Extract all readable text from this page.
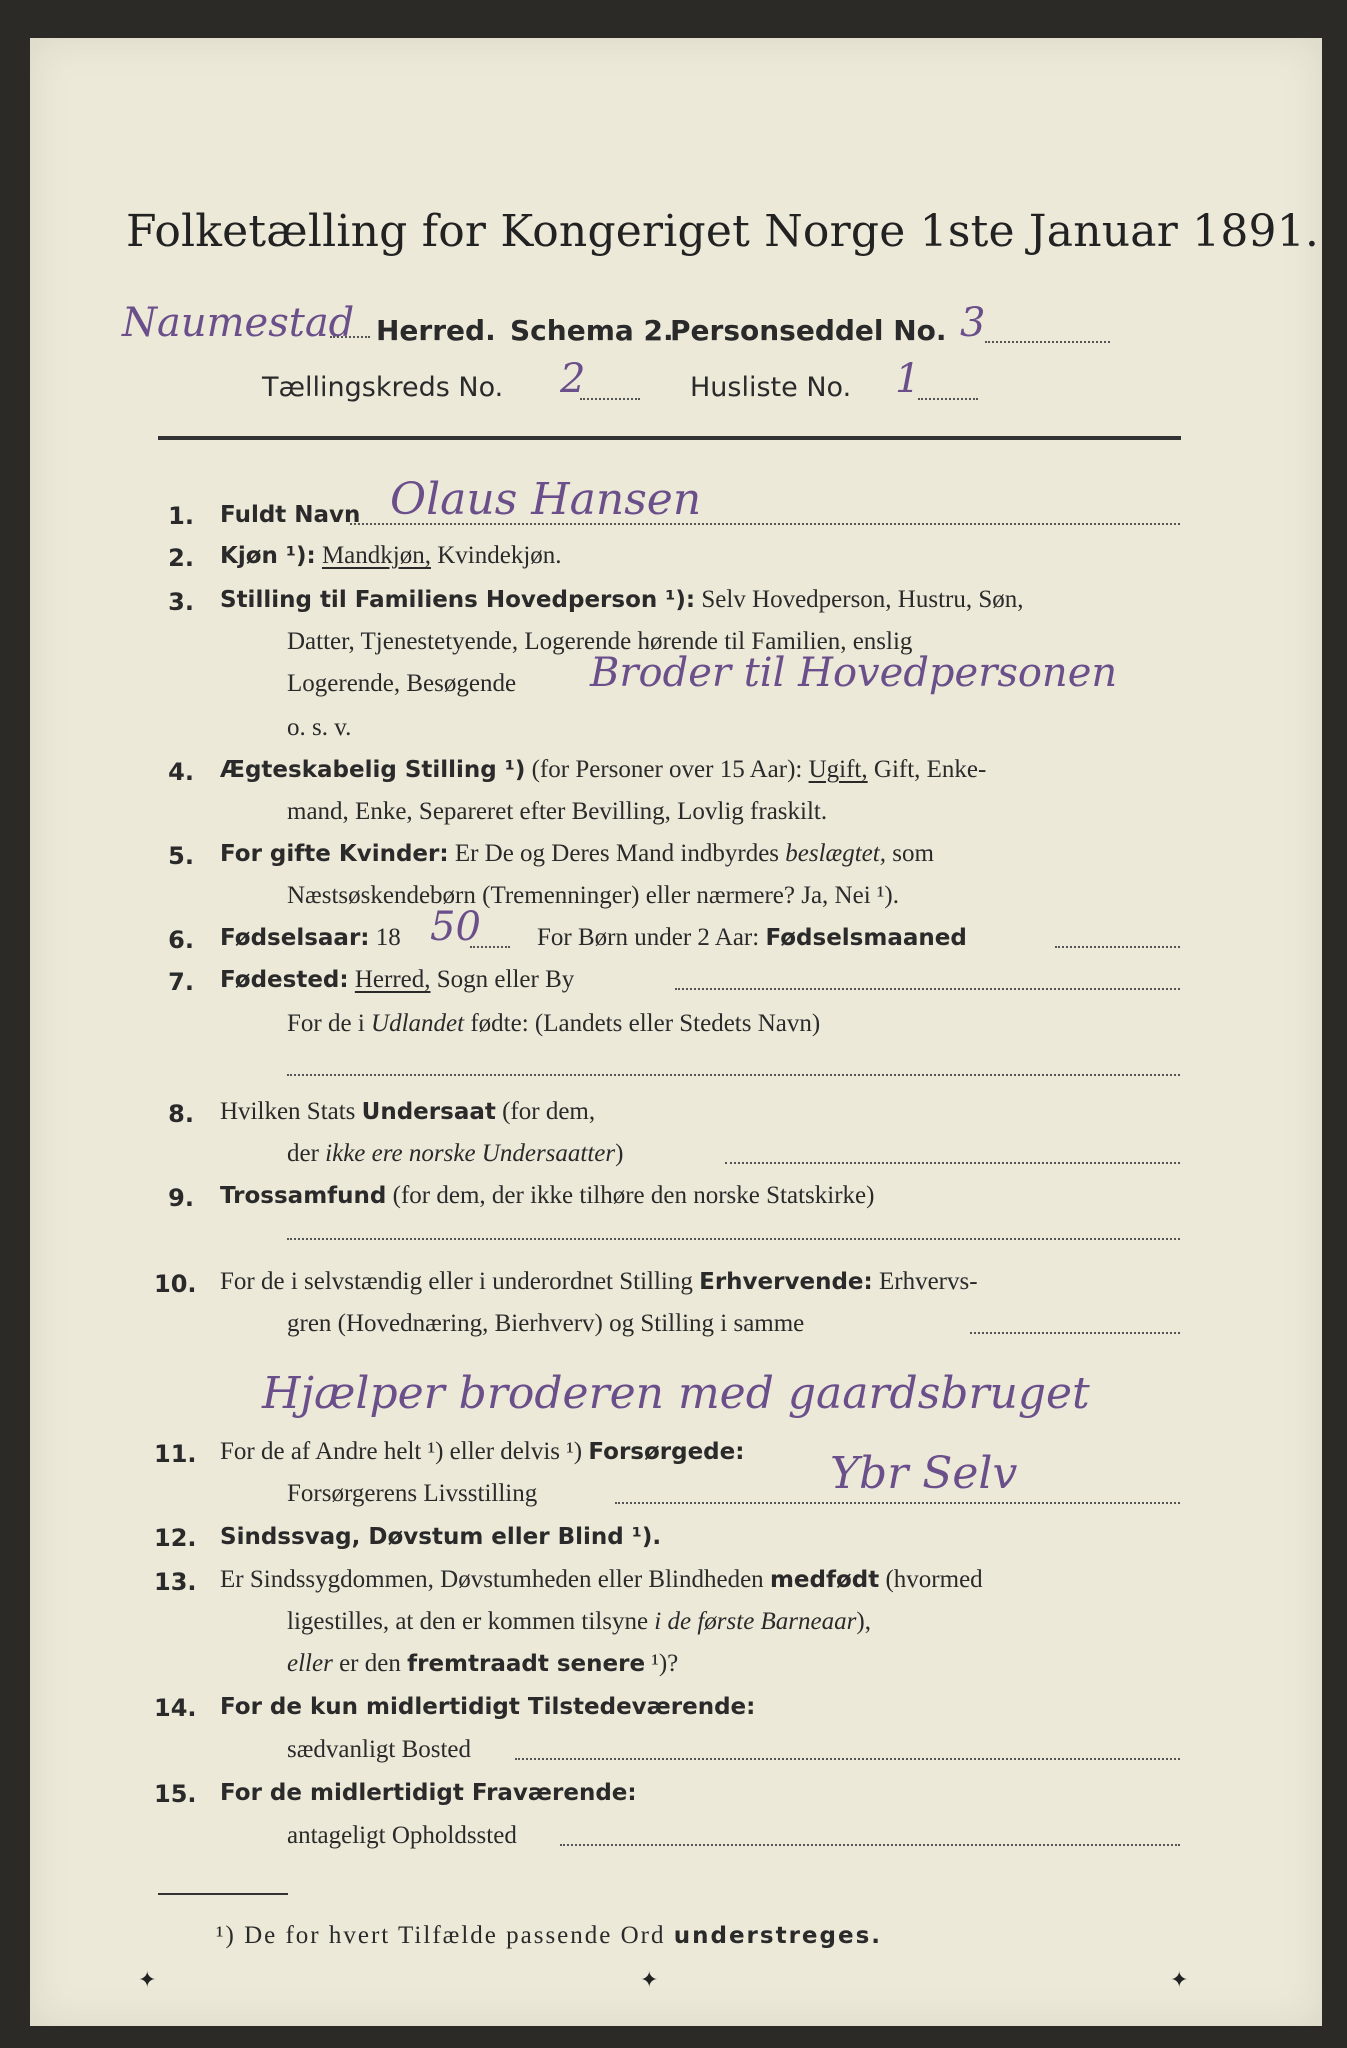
Folketælling for Kongeriget Norge 1ste Januar 1891.
Naumestad Herred. Schema 2.
Personseddel No. 3
Tællingskreds No. 2	Husliste No. 1
1. Fuldt Navn Olaus Hansen
2. Kjøn ¹): Mandkjøn, Kvindekjøn.
3. Stilling til Familiens Hovedperson ¹): Selv Hovedperson, Hustru, Søn,
Datter, Tjenestetyende, Logerende hørende til Familien, enslig
Logerende, Besøgende Broder til Hovedpersonen
o. s. v.
4. Ægteskabelig Stilling ¹) (for Personer over 15 Aar): Ugift, Gift, Enke-
mand, Enke, Separeret efter Bevilling, Lovlig fraskilt.
5. For gifte Kvinder: Er De og Deres Mand indbyrdes beslægtet, som
Næstsøskendebørn (Tremenninger) eller nærmere? Ja, Nei ¹).
6. Fødselsaar: 18 50 For Børn under 2 Aar: Fødselsmaaned
7. Fødested: Herred, Sogn eller By
For de i Udlandet fødte: (Landets eller Stedets Navn)
8. Hvilken Stats Undersaat (for dem,
der ikke ere norske Undersaatter)
9. Trossamfund (for dem, der ikke tilhøre den norske Statskirke)
10. For de i selvstændig eller i underordnet Stilling Erhvervende: Erhvervs-
gren (Hovednæring, Bierhverv) og Stilling i samme
Hjælper broderen med gaardsbruget
11. For de af Andre helt ¹) eller delvis ¹) Forsørgede:
Forsørgerens Livsstilling	Ybr Selv
12. Sindssvag, Døvstum eller Blind ¹).
13. Er Sindssygdommen, Døvstumheden eller Blindheden medfødt (hvormed
ligestilles, at den er kommen tilsyne i de første Barneaar),
eller er den fremtraadt senere ¹)?
14. For de kun midlertidigt Tilstedeværende:
sædvanligt Bosted
15. For de midlertidigt Fraværende:
antageligt Opholdssted
¹) De for hvert Tilfælde passende Ord understreges.
✦	✦	✦
